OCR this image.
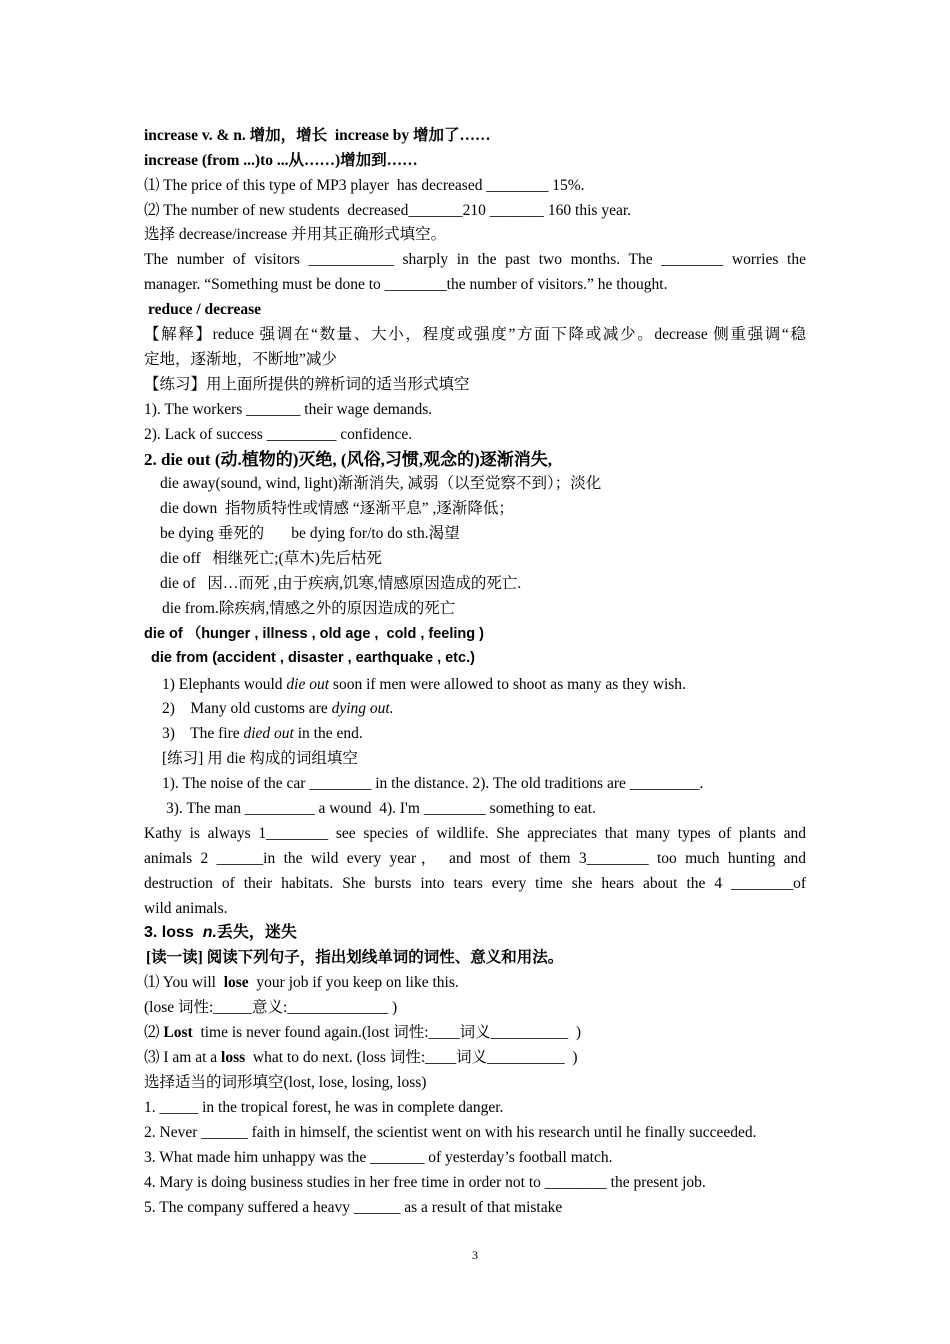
increase v. & n. 增加，增长  increase by 增加了……
increase (from ...)to ...从……)增加到……
⑴ The price of this type of MP3 player  has decreased ________ 15%.
⑵ The number of new students  decreased_______210 _______ 160 this year.
选择 decrease/increase 并用其正确形式填空。
The number of visitors ___________ sharply in the past two months. The ________ worries the
manager. “Something must be done to ________the number of visitors.” he thought.
reduce / decrease
【解释】reduce 强调在“数量、大小，程度或强度”方面下降或减少。decrease 侧重强调“稳
定地，逐渐地，不断地”减少
【练习】用上面所提供的辨析词的适当形式填空
1). The workers _______ their wage demands.
2). Lack of success _________ confidence.
2. die out (动.植物的)灭绝, (风俗,习惯,观念的)逐渐消失,
die away(sound, wind, light)渐渐消失, 减弱（以至觉察不到）；淡化
die down  指物质特性或情感 “逐渐平息” ,逐渐降低；
be dying 垂死的       be dying for/to do sth.渴望
die off   相继死亡;(草木)先后枯死
die of   因…而死 ,由于疾病,饥寒,情感原因造成的死亡.
die from.除疾病,情感之外的原因造成的死亡
die of （hunger , illness , old age ,  cold , feeling )
die from (accident , disaster , earthquake , etc.)
1) Elephants would die out soon if men were allowed to shoot as many as they wish.
2)    Many old customs are dying out.
3)    The fire died out in the end.
[练习] 用 die 构成的词组填空
1). The noise of the car ________ in the distance. 2). The old traditions are _________.
3). The man _________ a wound  4). I'm ________ something to eat.
Kathy is always 1________ see species of wildlife. She appreciates that many types of plants and
animals 2 ______in the wild every year， and most of them 3________ too much hunting and
destruction of their habitats. She bursts into tears every time she hears about the 4 ________of
wild animals.
3. loss  n.丢失，迷失
[读一读] 阅读下列句子，指出划线单词的词性、意义和用法。
⑴ You will  lose  your job if you keep on like this.
(lose 词性:_____意义:_____________ )
⑵ Lost  time is never found again.(lost 词性:____词义__________  )
⑶ I am at a loss  what to do next. (loss 词性:____词义__________  )
选择适当的词形填空(lost, lose, losing, loss)
1. _____ in the tropical forest, he was in complete danger.
2. Never ______ faith in himself, the scientist went on with his research until he finally succeeded.
3. What made him unhappy was the _______ of yesterday’s football match.
4. Mary is doing business studies in her free time in order not to ________ the present job.
5. The company suffered a heavy ______ as a result of that mistake
3
